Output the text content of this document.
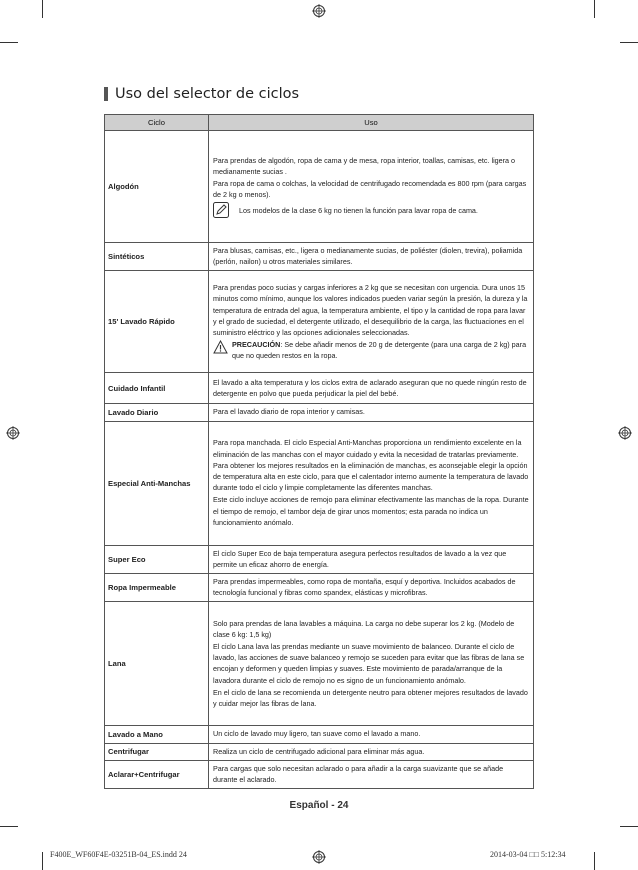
Uso del selector de ciclos
Ciclo	Uso
Algodón	Para prendas de algodón, ropa de cama y de mesa, ropa interior, toallas, camisas, etc. ligera o medianamente sucias .

Para ropa de cama o colchas, la velocidad de centrifugado recomendada es 800 rpm (para cargas de 2 kg o menos).

Los modelos de la clase 6 kg no tienen la función para lavar ropa de cama.

Sintéticos	Para blusas, camisas, etc., ligera o medianamente sucias, de poliéster (diolen, trevira), poliamida (perlón, nailon) u otros materiales similares.

15' Lavado Rápido	Para prendas poco sucias y cargas inferiores a 2 kg que se necesitan con urgencia. Dura unos 15 minutos como mínimo, aunque los valores indicados pueden variar según la presión, la dureza y la temperatura de entrada del agua, la temperatura ambiente, el tipo y la cantidad de ropa para lavar y el grado de suciedad, el detergente utilizado, el desequilibrio de la carga, las fluctuaciones en el suministro eléctrico y las opciones adicionales seleccionadas.

PRECAUCIÓN: Se debe añadir menos de 20 g de detergente (para una carga de 2 kg) para que no queden restos en la ropa.

Cuidado Infantil	El lavado a alta temperatura y los ciclos extra de aclarado aseguran que no quede ningún resto de detergente en polvo que pueda perjudicar la piel del bebé.

Lavado Diario	Para el lavado diario de ropa interior y camisas.

Especial Anti-Manchas	Para ropa manchada. El ciclo Especial Anti-Manchas proporciona un rendimiento excelente en la eliminación de las manchas con el mayor cuidado y evita la necesidad de tratarlas previamente. Para obtener los mejores resultados en la eliminación de manchas, es aconsejable elegir la opción de temperatura alta en este ciclo, para que el calentador interno aumente la temperatura de lavado durante todo el ciclo y limpie completamente las diferentes manchas.

Este ciclo incluye acciones de remojo para eliminar efectivamente las manchas de la ropa. Durante el tiempo de remojo, el tambor deja de girar unos momentos; esta parada no indica un funcionamiento anómalo.

Super Eco	El ciclo Super Eco de baja temperatura asegura perfectos resultados de lavado a la vez que permite un eficaz ahorro de energía.

Ropa Impermeable	Para prendas impermeables, como ropa de montaña, esquí y deportiva. Incluidos acabados de tecnología funcional y fibras como spandex, elásticas y microfibras.

Lana	Solo para prendas de lana lavables a máquina. La carga no debe superar los 2 kg. (Modelo de clase 6 kg: 1,5 kg)

El ciclo Lana lava las prendas mediante un suave movimiento de balanceo. Durante el ciclo de lavado, las acciones de suave balanceo y remojo se suceden para evitar que las fibras de lana se encojan y deformen y queden limpias y suaves. Este movimiento de parada/arranque de la lavadora durante el ciclo de remojo no es signo de un funcionamiento anómalo.

En el ciclo de lana se recomienda un detergente neutro para obtener mejores resultados de lavado y cuidar mejor las fibras de lana.

Lavado a Mano	Un ciclo de lavado muy ligero, tan suave como el lavado a mano.

Centrifugar	Realiza un ciclo de centrifugado adicional para eliminar más agua.

Aclarar+Centrifugar	Para cargas que solo necesitan aclarado o para añadir a la carga suavizante que se añade durante el aclarado.

Español - 24
F400E_WF60F4E-03251B-04_ES.indd 24	2014-03-04 □□ 5:12:34
